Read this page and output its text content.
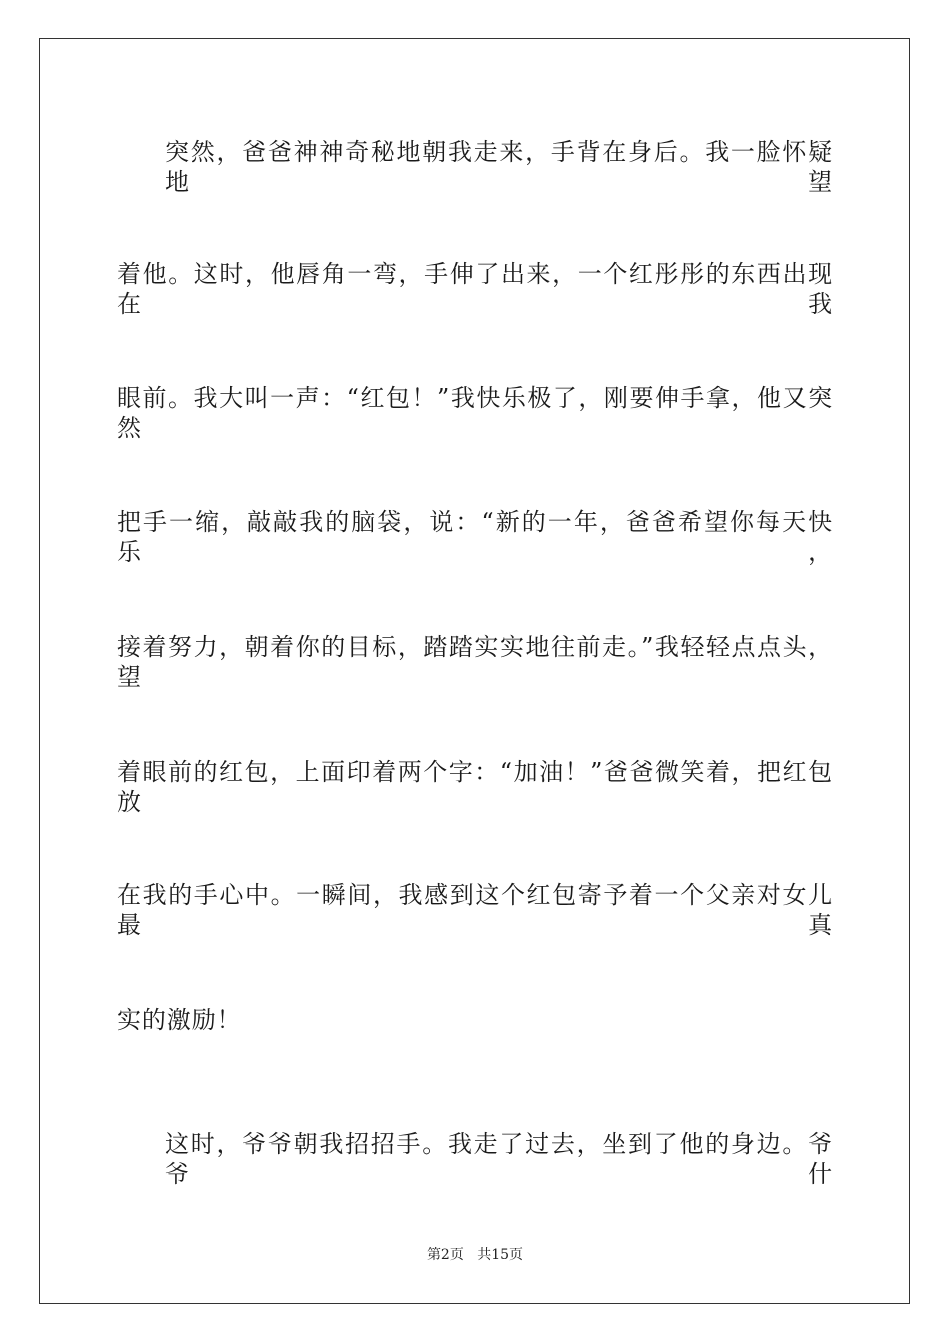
突然，爸爸神神奇秘地朝我走来，手背在身后。我一脸怀疑地望
着他。这时，他唇角一弯，手伸了出来，一个红彤彤的东西出现在我
眼前。我大叫一声：“红包！”我快乐极了，刚要伸手拿，他又突然
把手一缩，敲敲我的脑袋，说：“新的一年，爸爸希望你每天快乐，
接着努力，朝着你的目标，踏踏实实地往前走。”我轻轻点点头，望
着眼前的红包，上面印着两个字：“加油！”爸爸微笑着，把红包放
在我的手心中。一瞬间，我感到这个红包寄予着一个父亲对女儿最真
实的激励！
这时，爷爷朝我招招手。我走了过去，坐到了他的身边。爷爷什
第2页 共15页
